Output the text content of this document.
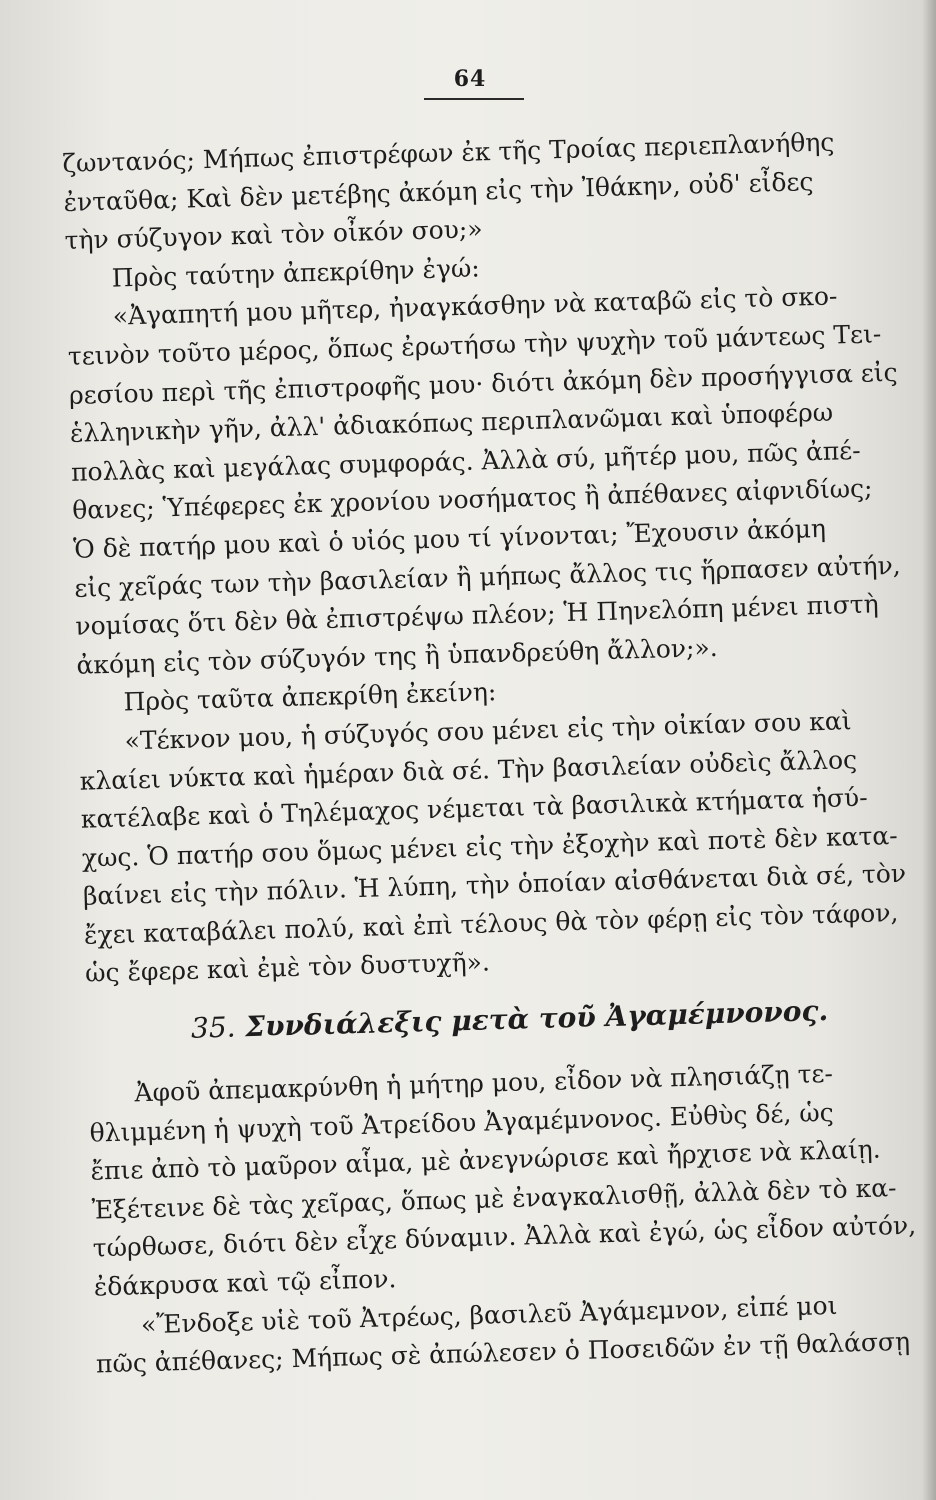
64
ζωντανός; Μήπως ἐπιστρέφων ἐκ τῆς Τροίας περιεπλανήθης
ἐνταῦθα; Καὶ δὲν μετέβης ἀκόμη εἰς τὴν Ἰθάκην, οὐδ' εἶδες
τὴν σύζυγον καὶ τὸν οἶκόν σου;»
Πρὸς ταύτην ἀπεκρίθην ἐγώ:
«Ἀγαπητή μου μῆτερ, ἠναγκάσθην νὰ καταβῶ εἰς τὸ σκο-
τεινὸν τοῦτο μέρος, ὅπως ἐρωτήσω τὴν ψυχὴν τοῦ μάντεως Τει-
ρεσίου περὶ τῆς ἐπιστροφῆς μου· διότι ἀκόμη δὲν προσήγγισα εἰς
ἑλληνικὴν γῆν, ἀλλ' ἀδιακόπως περιπλανῶμαι καὶ ὑποφέρω
πολλὰς καὶ μεγάλας συμφοράς. Ἀλλὰ σύ, μῆτέρ μου, πῶς ἀπέ-
θανες; Ὑπέφερες ἐκ χρονίου νοσήματος ἢ ἀπέθανες αἰφνιδίως;
Ὁ δὲ πατήρ μου καὶ ὁ υἱός μου τί γίνονται; Ἔχουσιν ἀκόμη
εἰς χεῖράς των τὴν βασιλείαν ἢ μήπως ἄλλος τις ἥρπασεν αὐτήν,
νομίσας ὅτι δὲν θὰ ἐπιστρέψω πλέον; Ἡ Πηνελόπη μένει πιστὴ
ἀκόμη εἰς τὸν σύζυγόν της ἢ ὑπανδρεύθη ἄλλον;».
Πρὸς ταῦτα ἀπεκρίθη ἐκείνη:
«Τέκνον μου, ἡ σύζυγός σου μένει εἰς τὴν οἰκίαν σου καὶ
κλαίει νύκτα καὶ ἡμέραν διὰ σέ. Τὴν βασιλείαν οὐδεὶς ἄλλος
κατέλαβε καὶ ὁ Τηλέμαχος νέμεται τὰ βασιλικὰ κτήματα ἡσύ-
χως. Ὁ πατήρ σου ὅμως μένει εἰς τὴν ἐξοχὴν καὶ ποτὲ δὲν κατα-
βαίνει εἰς τὴν πόλιν. Ἡ λύπη, τὴν ὁποίαν αἰσθάνεται διὰ σέ, τὸν
ἔχει καταβάλει πολύ, καὶ ἐπὶ τέλους θὰ τὸν φέρῃ εἰς τὸν τάφον,
ὡς ἔφερε καὶ ἐμὲ τὸν δυστυχῆ».
35. Συνδιάλεξις μετὰ τοῦ Ἀγαμέμνονος.
Ἀφοῦ ἀπεμακρύνθη ἡ μήτηρ μου, εἶδον νὰ πλησιάζῃ τε-
θλιμμένη ἡ ψυχὴ τοῦ Ἀτρείδου Ἀγαμέμνονος. Εὐθὺς δέ, ὡς
ἔπιε ἀπὸ τὸ μαῦρον αἷμα, μὲ ἀνεγνώρισε καὶ ἤρχισε νὰ κλαίῃ.
Ἐξέτεινε δὲ τὰς χεῖρας, ὅπως μὲ ἐναγκαλισθῇ, ἀλλὰ δὲν τὸ κα-
τώρθωσε, διότι δὲν εἶχε δύναμιν. Ἀλλὰ καὶ ἐγώ, ὡς εἶδον αὐτόν,
ἐδάκρυσα καὶ τῷ εἶπον.
«Ἔνδοξε υἱὲ τοῦ Ἀτρέως, βασιλεῦ Ἀγάμεμνον, εἰπέ μοι
πῶς ἀπέθανες; Μήπως σὲ ἀπώλεσεν ὁ Ποσειδῶν ἐν τῇ θαλάσσῃ
